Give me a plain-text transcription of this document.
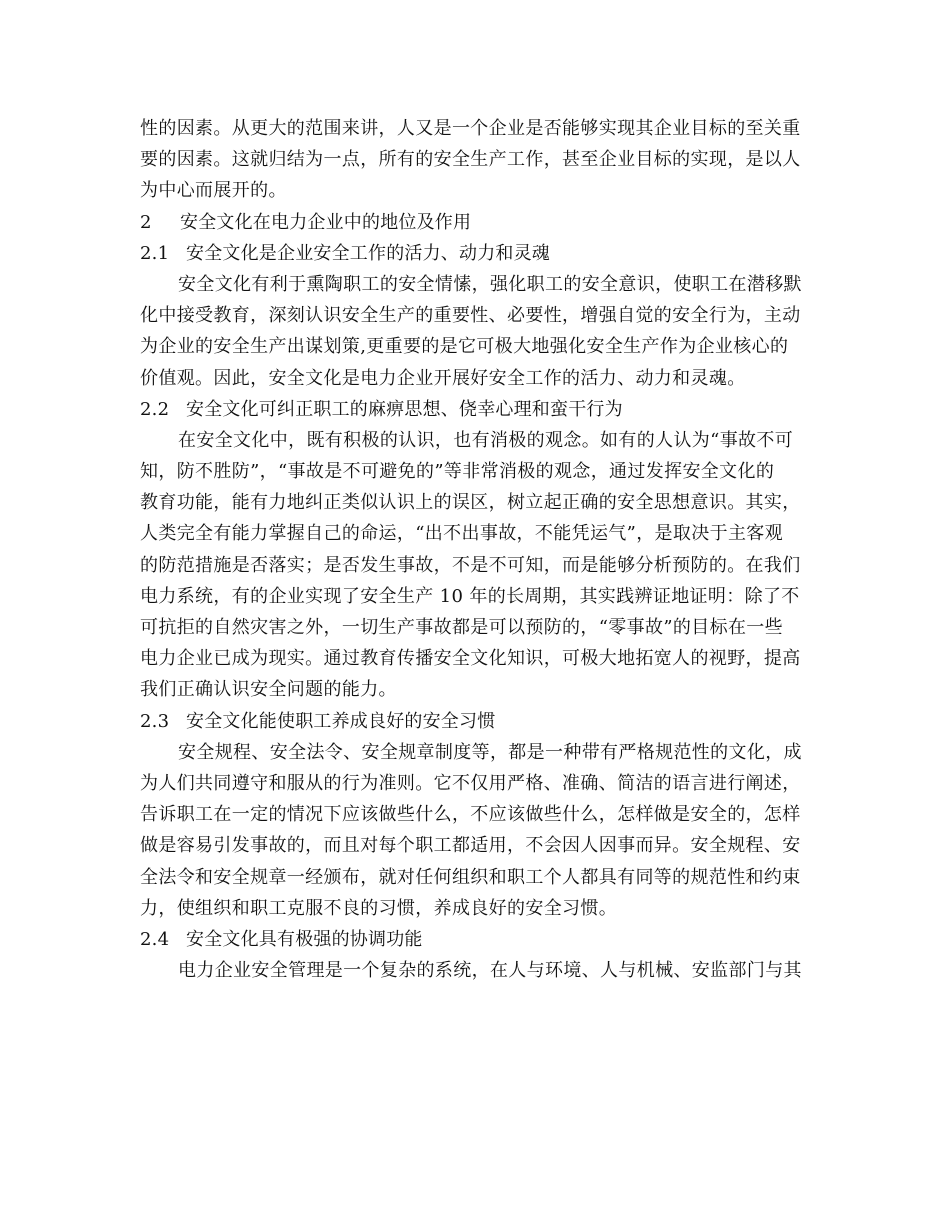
性的因素。从更大的范围来讲，人又是一个企业是否能够实现其企业目标的至关重
要的因素。这就归结为一点，所有的安全生产工作，甚至企业目标的实现，是以人
为中心而展开的。
2 安全文化在电力企业中的地位及作用
2.1 安全文化是企业安全工作的活力、动力和灵魂
安全文化有利于熏陶职工的安全情愫，强化职工的安全意识，使职工在潜移默
化中接受教育，深刻认识安全生产的重要性、必要性，增强自觉的安全行为，主动
为企业的安全生产出谋划策,更重要的是它可极大地强化安全生产作为企业核心的
价值观。因此，安全文化是电力企业开展好安全工作的活力、动力和灵魂。
2.2 安全文化可纠正职工的麻痹思想、侥幸心理和蛮干行为
在安全文化中，既有积极的认识，也有消极的观念。如有的人认为“事故不可
知，防不胜防”，“事故是不可避免的”等非常消极的观念，通过发挥安全文化的
教育功能，能有力地纠正类似认识上的误区，树立起正确的安全思想意识。其实，
人类完全有能力掌握自己的命运，“出不出事故，不能凭运气”，是取决于主客观
的防范措施是否落实；是否发生事故，不是不可知，而是能够分析预防的。在我们
电力系统，有的企业实现了安全生产 10 年的长周期，其实践辨证地证明：除了不
可抗拒的自然灾害之外，一切生产事故都是可以预防的，“零事故”的目标在一些
电力企业已成为现实。通过教育传播安全文化知识，可极大地拓宽人的视野，提高
我们正确认识安全问题的能力。
2.3 安全文化能使职工养成良好的安全习惯
安全规程、安全法令、安全规章制度等，都是一种带有严格规范性的文化，成
为人们共同遵守和服从的行为准则。它不仅用严格、准确、简洁的语言进行阐述，
告诉职工在一定的情况下应该做些什么，不应该做些什么，怎样做是安全的，怎样
做是容易引发事故的，而且对每个职工都适用，不会因人因事而异。安全规程、安
全法令和安全规章一经颁布，就对任何组织和职工个人都具有同等的规范性和约束
力，使组织和职工克服不良的习惯，养成良好的安全习惯。
2.4 安全文化具有极强的协调功能
电力企业安全管理是一个复杂的系统，在人与环境、人与机械、安监部门与其
